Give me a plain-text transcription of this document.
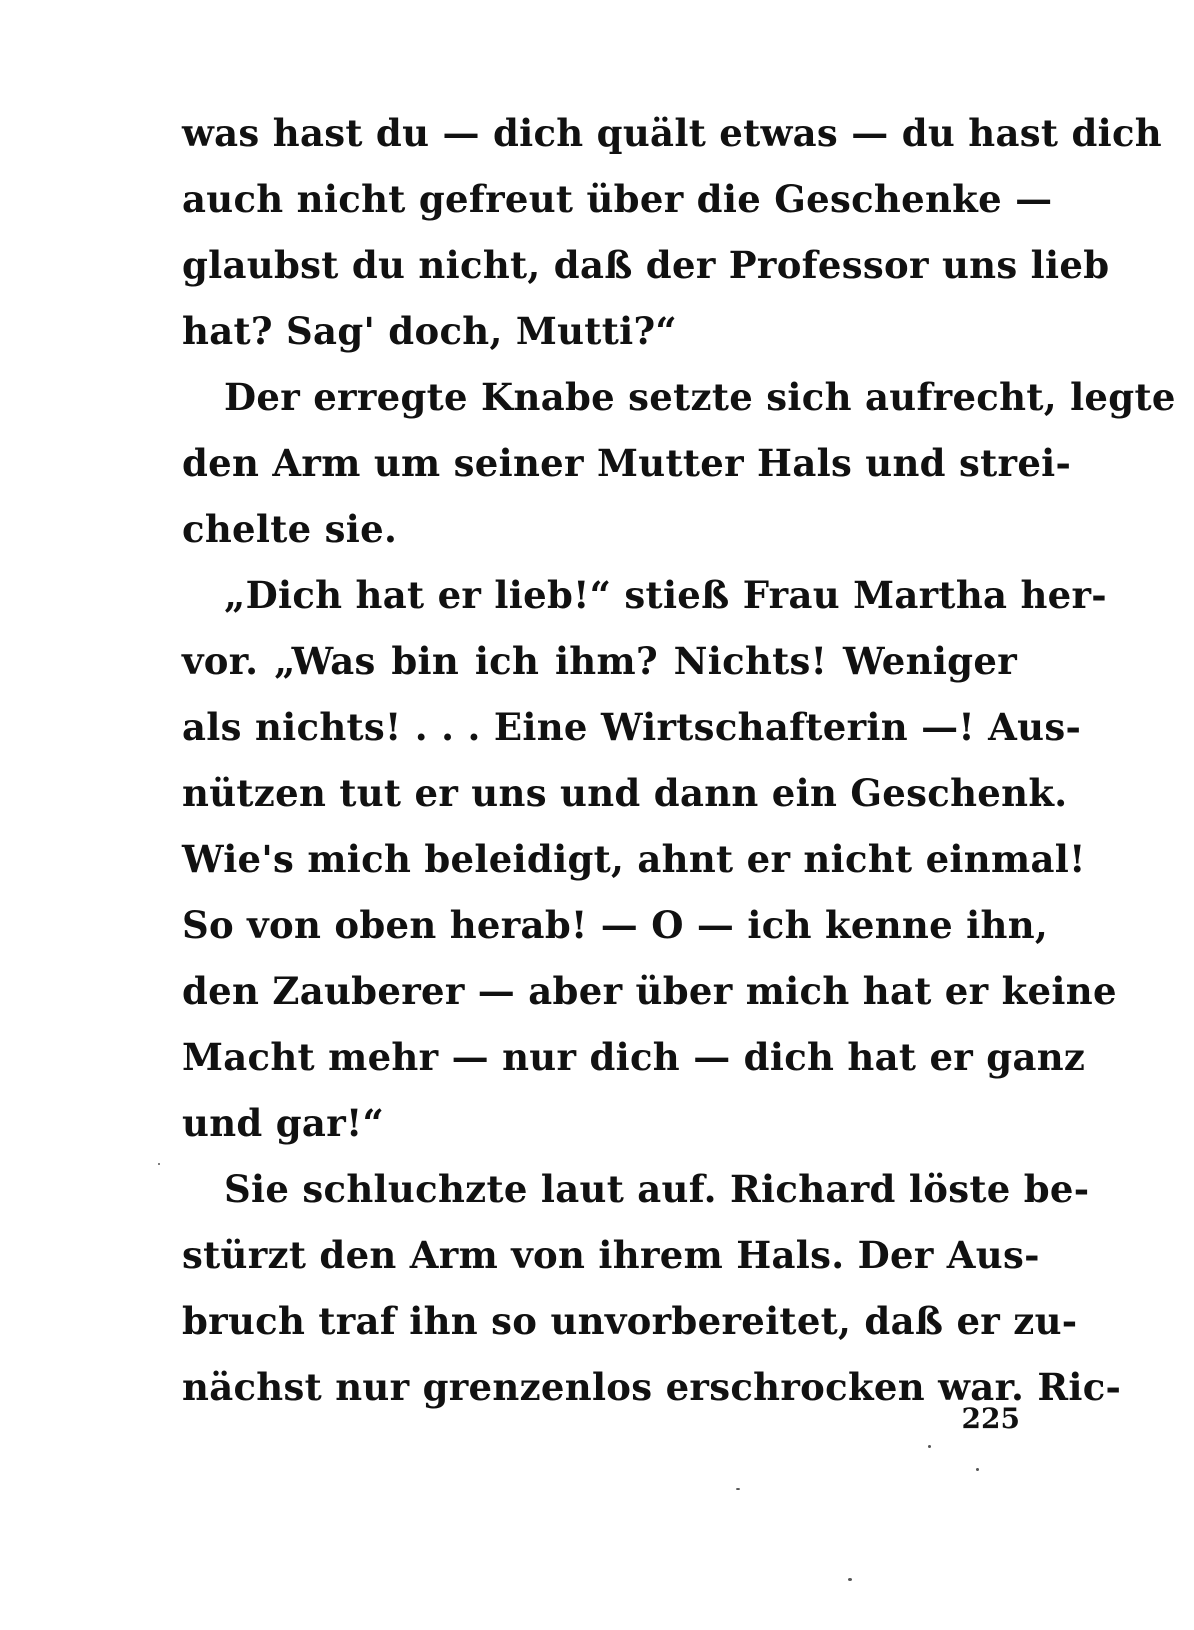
was hast du — dich quält etwas — du hast dich
auch nicht gefreut über die Geschenke —
glaubst du nicht, daß der Professor uns lieb
hat? Sag' doch, Mutti?“
Der erregte Knabe setzte sich aufrecht, legte
den Arm um seiner Mutter Hals und strei-
chelte sie.
„Dich hat er lieb!“ stieß Frau Martha her-
vor. „Was bin ich ihm? Nichts! Weniger
als nichts! . . . Eine Wirtschafterin —! Aus-
nützen tut er uns und dann ein Geschenk.
Wie's mich beleidigt, ahnt er nicht einmal!
So von oben herab! — O — ich kenne ihn,
den Zauberer — aber über mich hat er keine
Macht mehr — nur dich — dich hat er ganz
und gar!“
Sie schluchzte laut auf. Richard löste be-
stürzt den Arm von ihrem Hals. Der Aus-
bruch traf ihn so unvorbereitet, daß er zu-
nächst nur grenzenlos erschrocken war. Ric-
225
